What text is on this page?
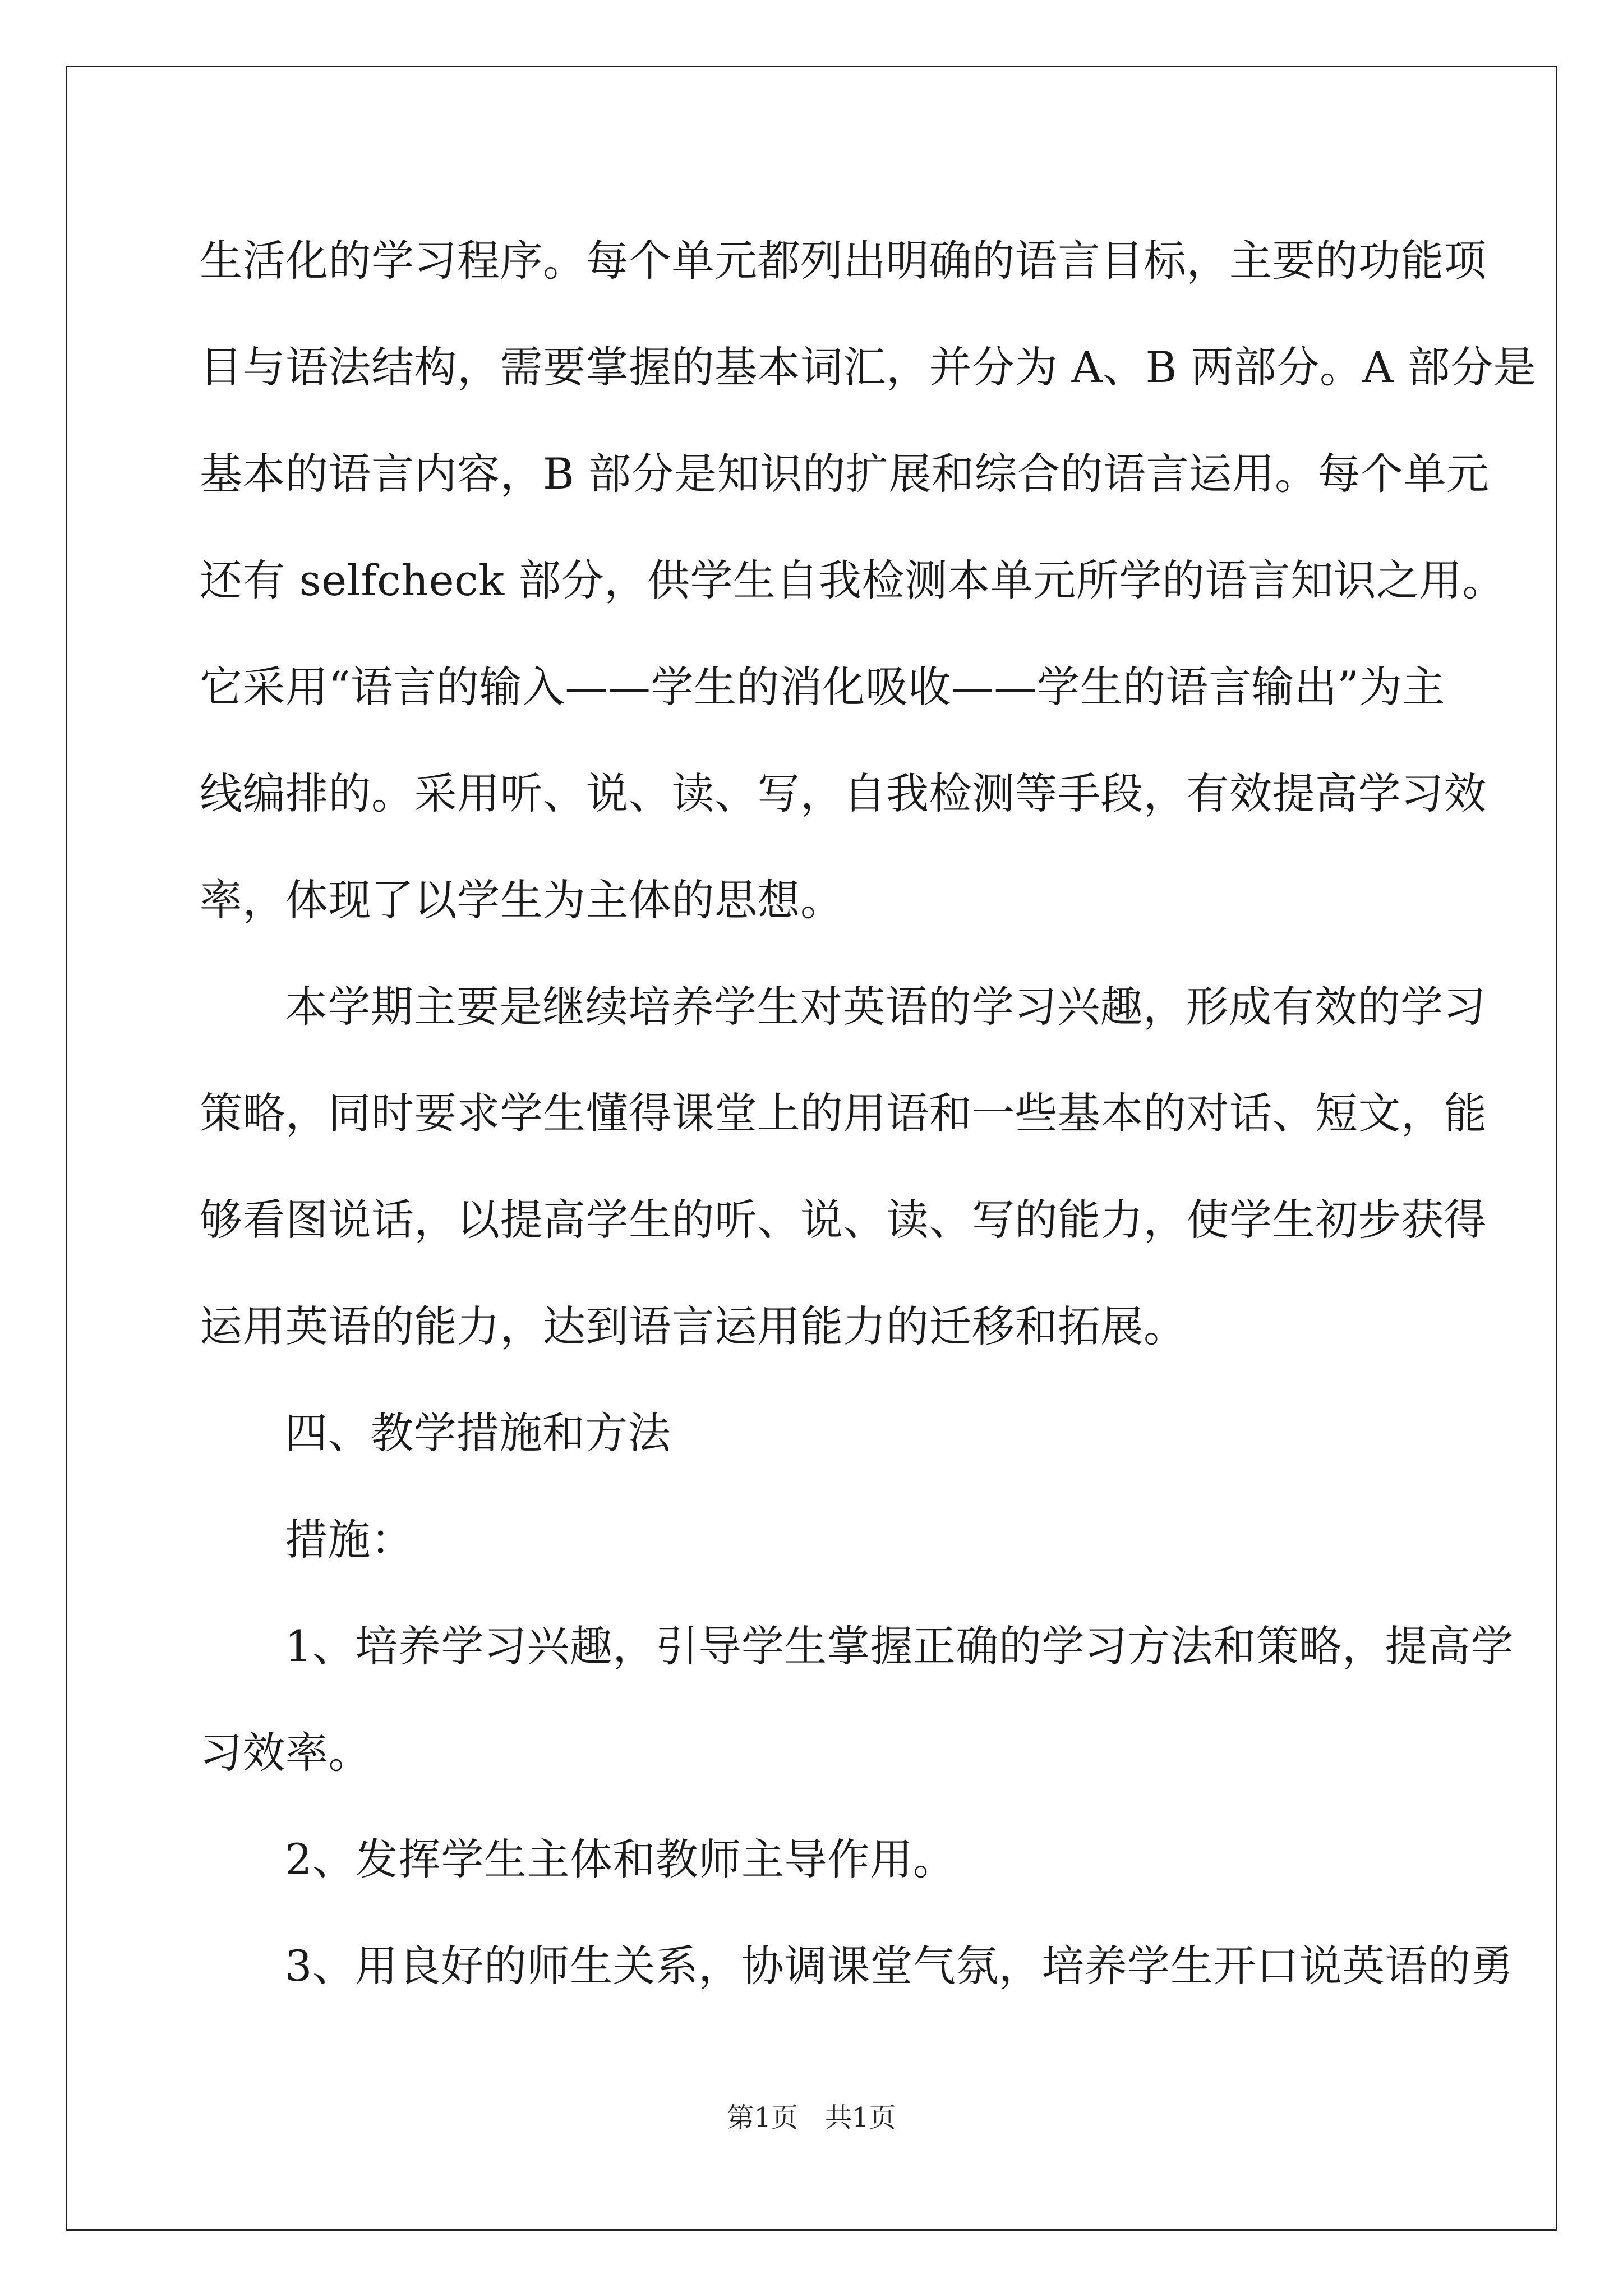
生活化的学习程序。每个单元都列出明确的语言目标，主要的功能项
目与语法结构，需要掌握的基本词汇，并分为 A、B 两部分。A 部分是
基本的语言内容，B 部分是知识的扩展和综合的语言运用。每个单元
还有 selfcheck 部分，供学生自我检测本单元所学的语言知识之用。
它采用“语言的输入——学生的消化吸收——学生的语言输出”为主
线编排的。采用听、说、读、写，自我检测等手段，有效提高学习效
率，体现了以学生为主体的思想。
本学期主要是继续培养学生对英语的学习兴趣，形成有效的学习
策略，同时要求学生懂得课堂上的用语和一些基本的对话、短文，能
够看图说话，以提高学生的听、说、读、写的能力，使学生初步获得
运用英语的能力，达到语言运用能力的迁移和拓展。
四、教学措施和方法
措施：
1、培养学习兴趣，引导学生掌握正确的学习方法和策略，提高学
习效率。
2、发挥学生主体和教师主导作用。
3、用良好的师生关系，协调课堂气氛，培养学生开口说英语的勇
第1页　共1页
